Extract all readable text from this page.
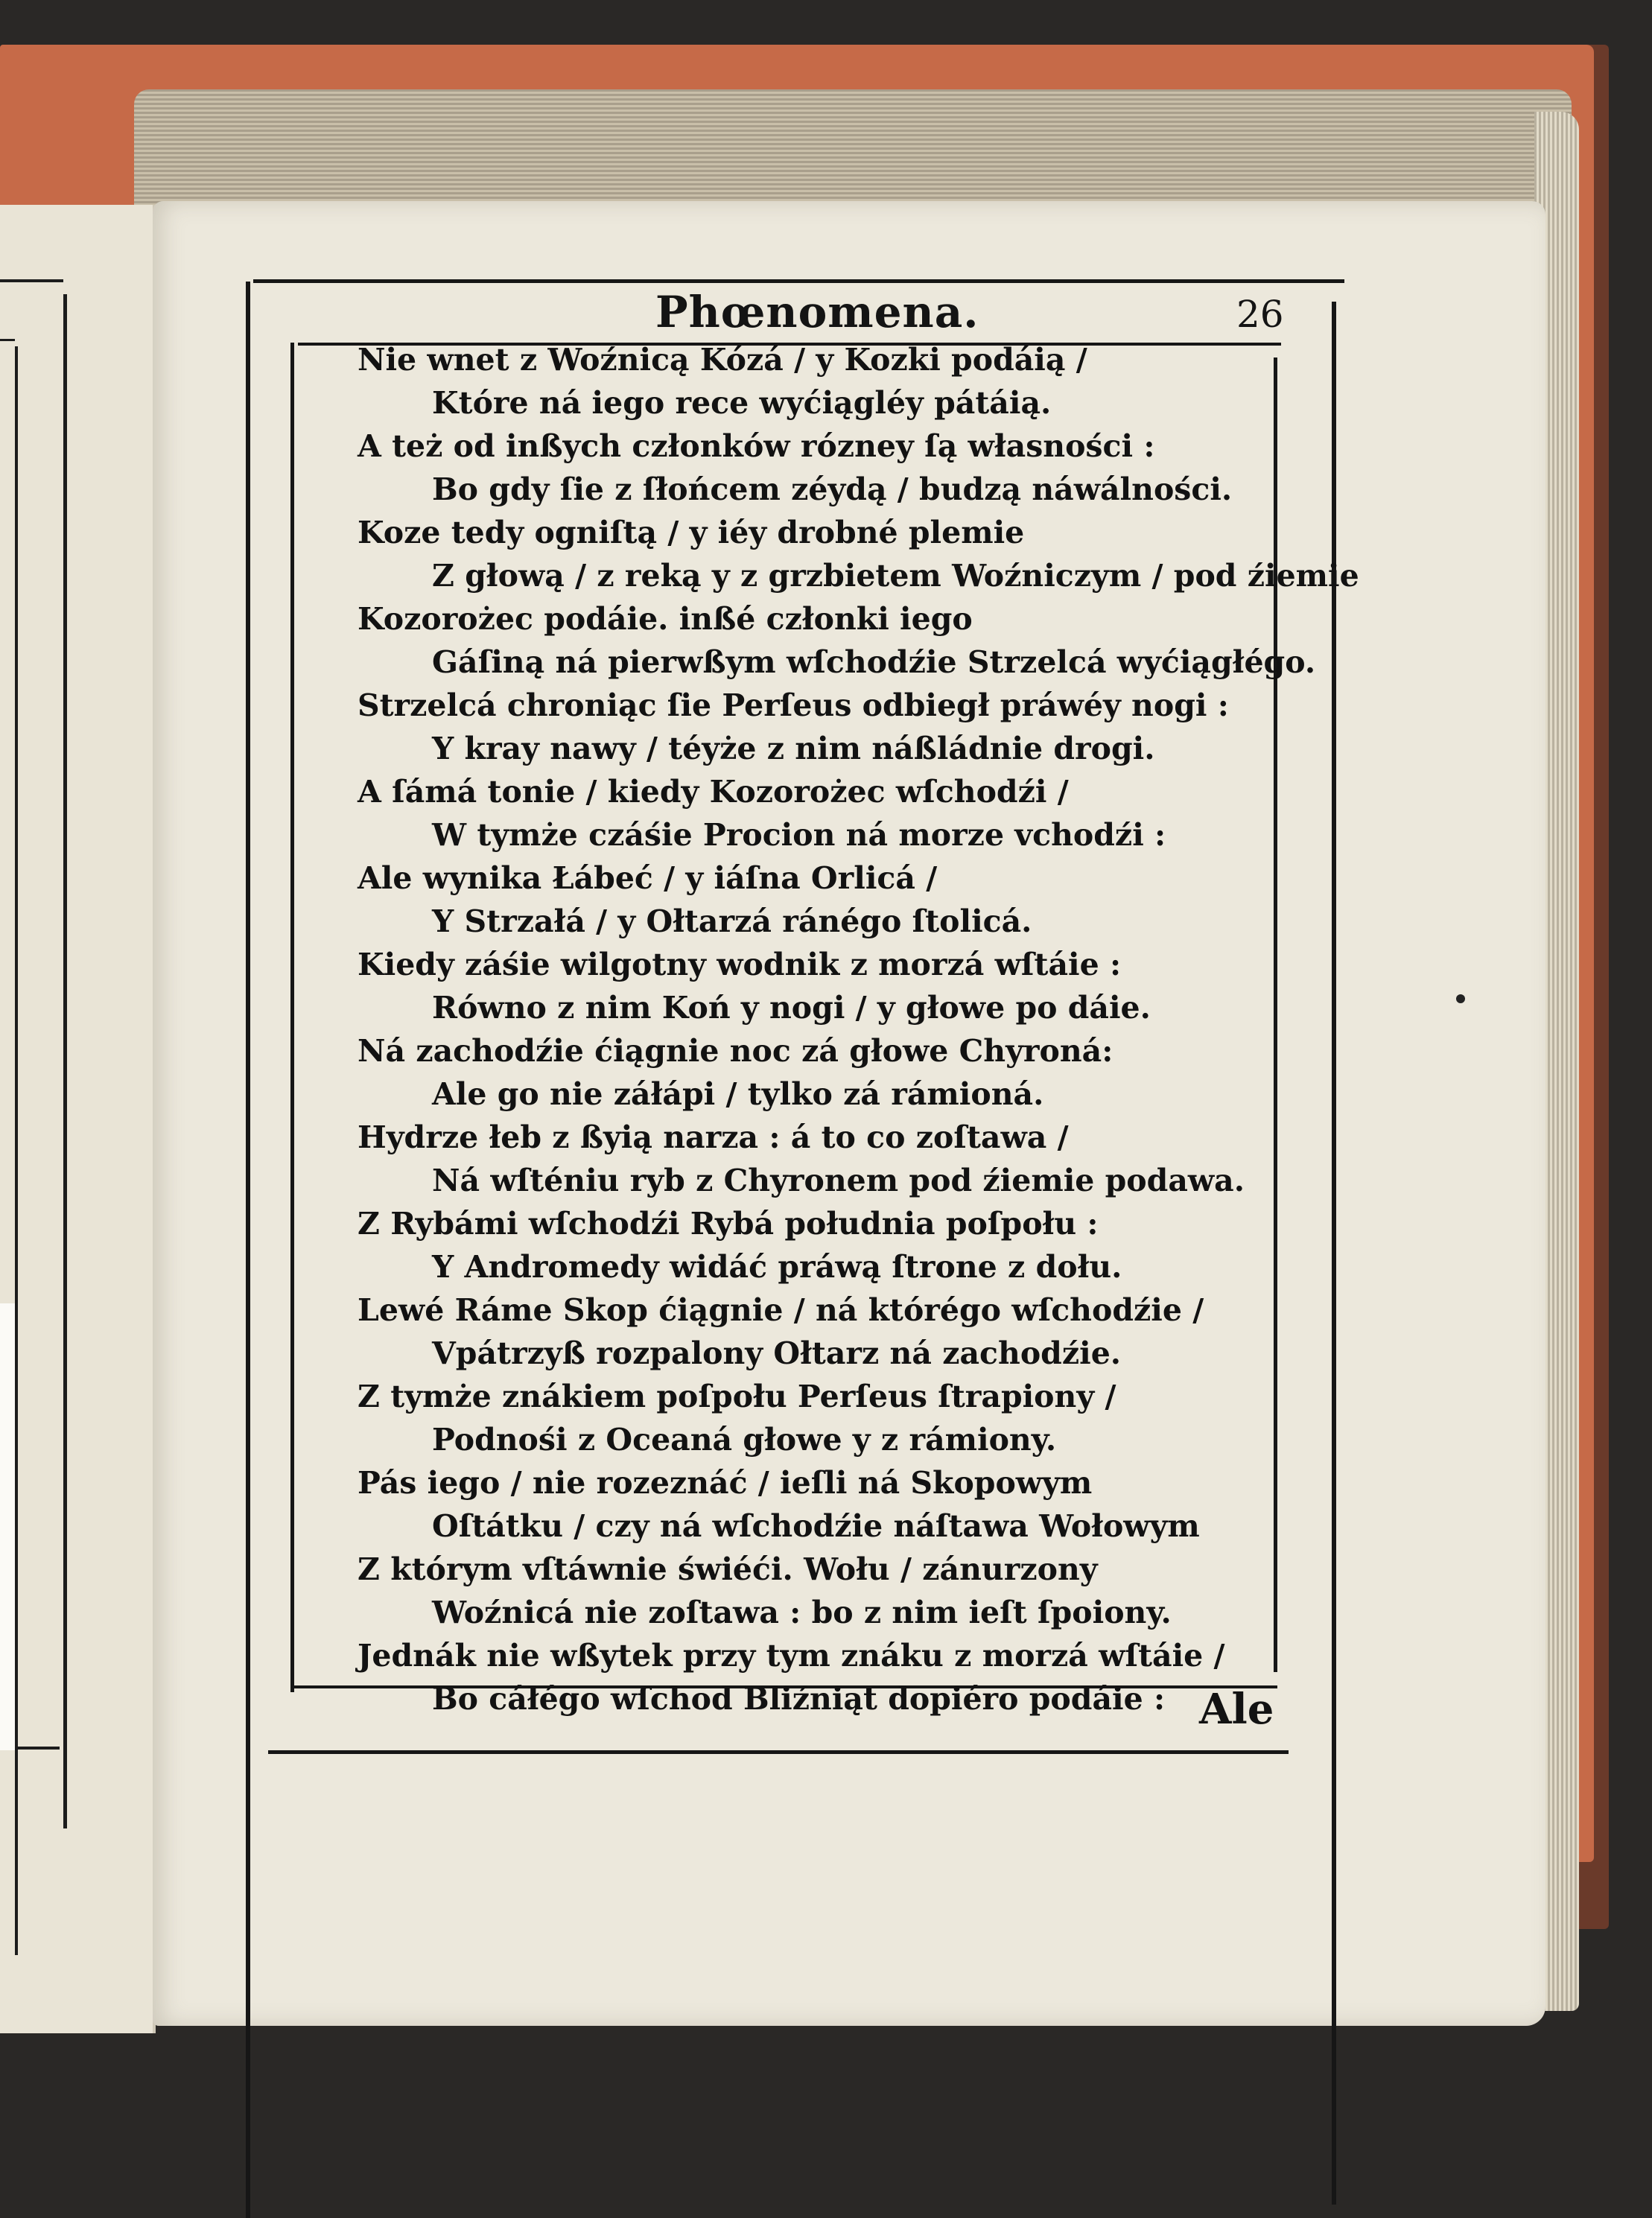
Phœnomena.	26
Nie wnet z Woźnicą Kózá / y Kozki podáią /
Które ná iego rece wyćiągléy pátáią.
A też od inßych członków rózney ſą własności :
Bo gdy ſie z ſłońcem zéydą / budzą náwálności.
Koze tedy ogniſtą / y iéy drobné plemie
Z głową / z reką y z grzbietem Woźniczym / pod źiemie
Kozorożec podáie. inßé członki iego
Gáſiną ná pierwßym wſchodźie Strzelcá wyćiągłégo.
Strzelcá chroniąc ſie Perſeus odbiegł práwéy nogi :
Y kray nawy / téyże z nim náßládnie drogi.
A ſámá tonie / kiedy Kozorożec wſchodźi /
W tymże czáśie Procion ná morze vchodźi :
Ale wynika Łábeć / y iáſna Orlicá /
Y Strzałá / y Ołtarzá ránégo ſtolicá.
Kiedy záśie wilgotny wodnik z morzá wſtáie :
Równo z nim Koń y nogi / y głowe po dáie.
Ná zachodźie ćiągnie noc zá głowe Chyroná:
Ale go nie záłápi / tylko zá rámioná.
Hydrze łeb z ßyią narza : á to co zoſtawa /
Ná wſténiu ryb z Chyronem pod źiemie podawa.
Z Rybámi wſchodźi Rybá południa poſpołu :
Y Andromedy widáć práwą ſtrone z dołu.
Lewé Ráme Skop ćiągnie / ná którégo wſchodźie /
Vpátrzyß rozpalony Ołtarz ná zachodźie.
Z tymże znákiem poſpołu Perſeus ſtrapiony /
Podnośi z Oceaná głowe y z rámiony.
Pás iego / nie rozeznáć / ieſli ná Skopowym
Oſtátku / czy ná wſchodźie náſtawa Wołowym
Z którym vſtáwnie świéći. Wołu / zánurzony
Woźnicá nie zoſtawa : bo z nim ieſt ſpoiony.
Jednák nie wßytek przy tym znáku z morzá wſtáie /
Bo cáłégo wſchod Bliźniąt dopiéro podáie : Ale
